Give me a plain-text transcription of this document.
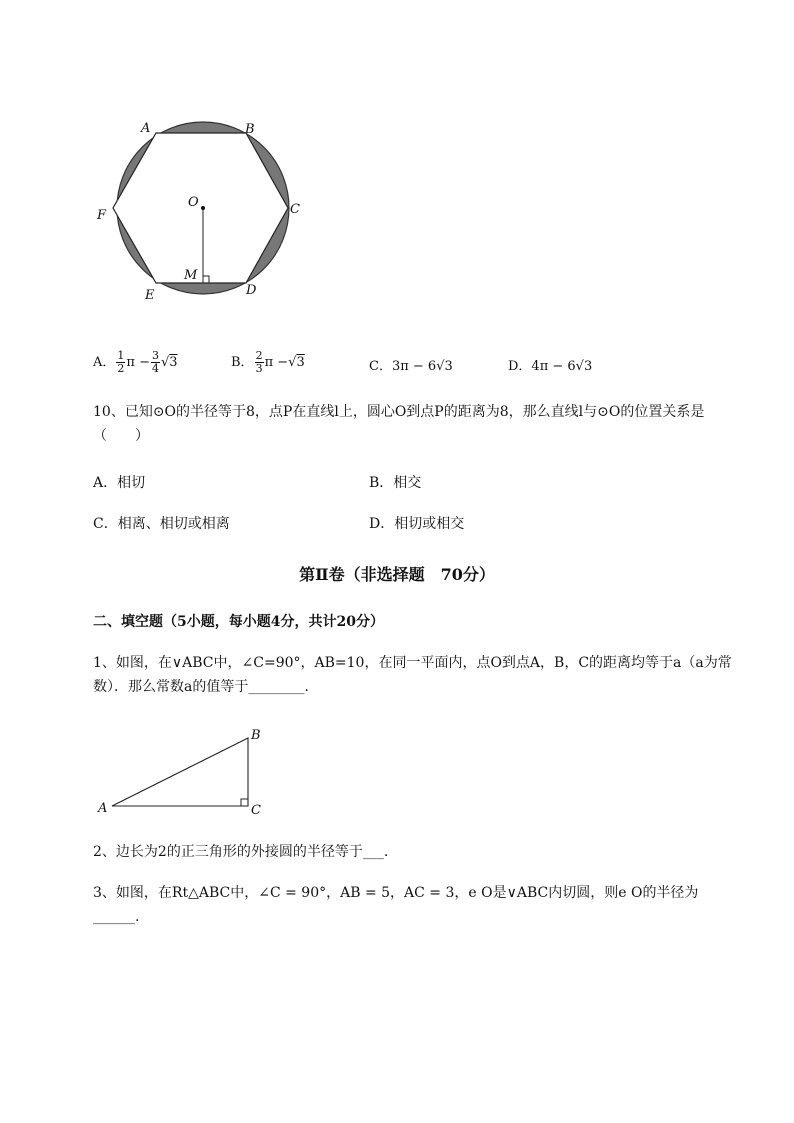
A	B
C
D
E
F
O
M
A． $\frac{1}{2}$ $\pi - \frac{3}{4} √3$	B． $\frac{2}{3}$ π −√3	C．3π − 6√3	D．4π − 6√3
10、已知⊙O的半径等于8，点P在直线l上，圆心O到点P的距离为8，那么直线l与⊙O的位置关系是（　　）
A．相切	B．相交
C．相离、相切或相离	D．相切或相交
第Ⅱ卷（非选择题　70分）
二、填空题（5小题，每小题4分，共计20分）
1、如图，在∨ABC中，∠C=90°，AB=10，在同一平面内，点O到点A，B，C的距离均等于a（a为常数）．那么常数a的值等于________.
A
B
C
2、边长为2的正三角形的外接圆的半径等于___.
3、如图，在Rt△ABC中，∠C = 90°，AB = 5，AC = 3，e O是∨ABC内切圆，则e O的半径为______.
